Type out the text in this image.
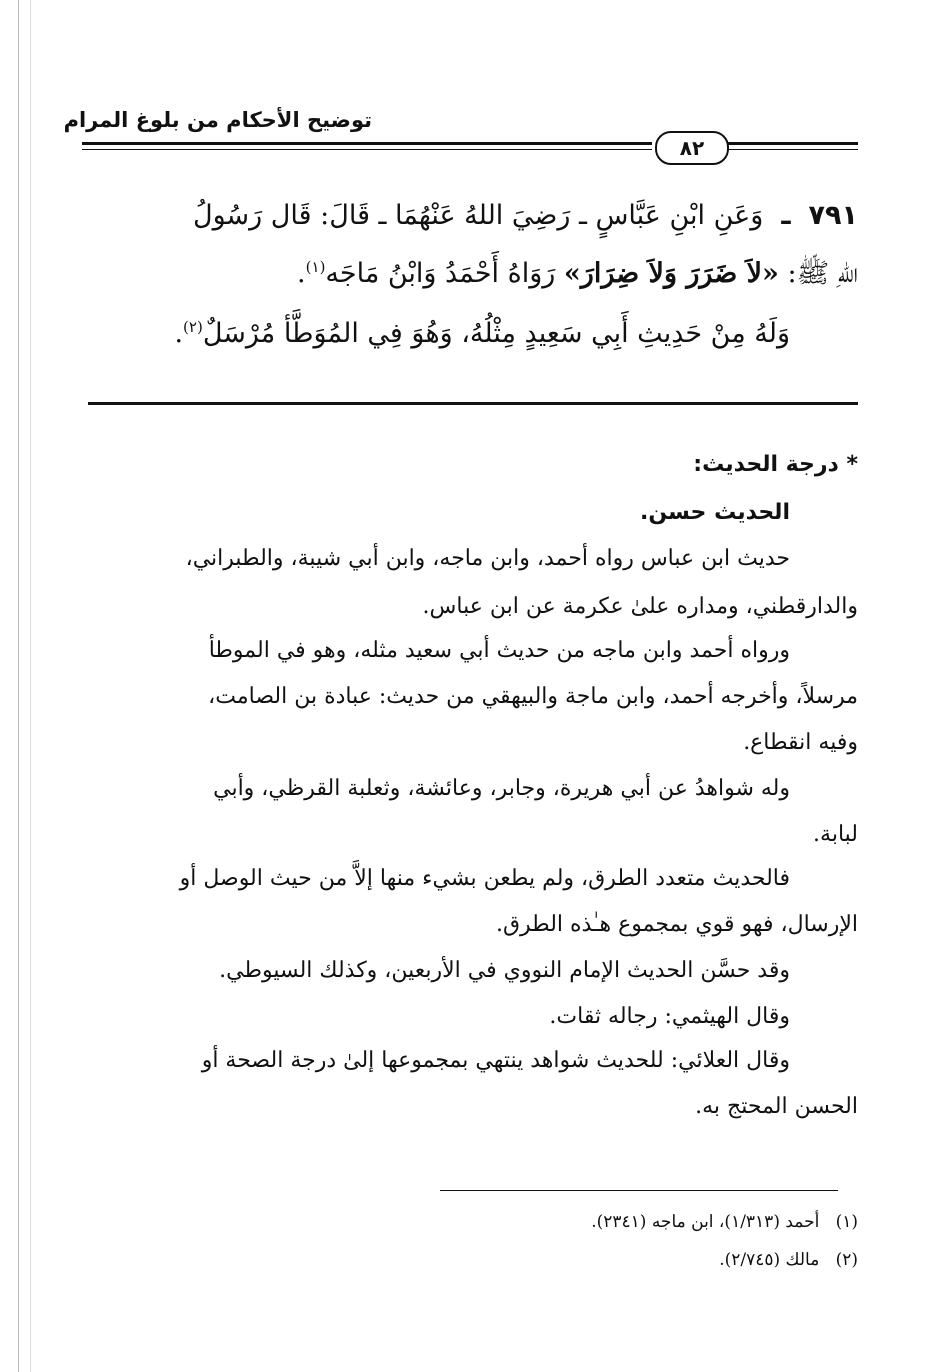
توضيح الأحكام من بلوغ المرام
٨٢
٧٩١  ـ  وَعَنِ ابْنِ عَبَّاسٍ ـ رَضِيَ اللهُ عَنْهُمَا ـ قَالَ: قَال رَسُولُ
اللهِ ﷺ: «لاَ ضَرَرَ وَلاَ ضِرَارَ» رَوَاهُ أَحْمَدُ وَابْنُ مَاجَه$^{(١)}$.
وَلَهُ مِنْ حَدِيثِ أَبِي سَعِيدٍ مِثْلُهُ، وَهُوَ فِي المُوَطَّأ مُرْسَلٌ$^{(٢)}$.
* درجة الحديث:
الحديث حسن.
حديث ابن عباس رواه أحمد، وابن ماجه، وابن أبي شيبة، والطبراني،
والدارقطني، ومداره علىٰ عكرمة عن ابن عباس.
ورواه أحمد وابن ماجه من حديث أبي سعيد مثله، وهو في الموطأ
مرسلاً، وأخرجه أحمد، وابن ماجة والبيهقي من حديث: عبادة بن الصامت،
وفيه انقطاع.
وله شواهدُ عن أبي هريرة، وجابر، وعائشة، وثعلبة القرظي، وأبي
لبابة.
فالحديث متعدد الطرق، ولم يطعن بشيء منها إلاَّ من حيث الوصل أو
الإرسال، فهو قوي بمجموع هـٰذه الطرق.
وقد حسَّن الحديث الإمام النووي في الأربعين، وكذلك السيوطي.
وقال الهيثمي: رجاله ثقات.
وقال العلائي: للحديث شواهد ينتهي بمجموعها إلىٰ درجة الصحة أو
الحسن المحتج به.
(١)   أحمد (١/٣١٣)، ابن ماجه (٢٣٤١).
(٢)   مالك (٢/٧٤٥).
